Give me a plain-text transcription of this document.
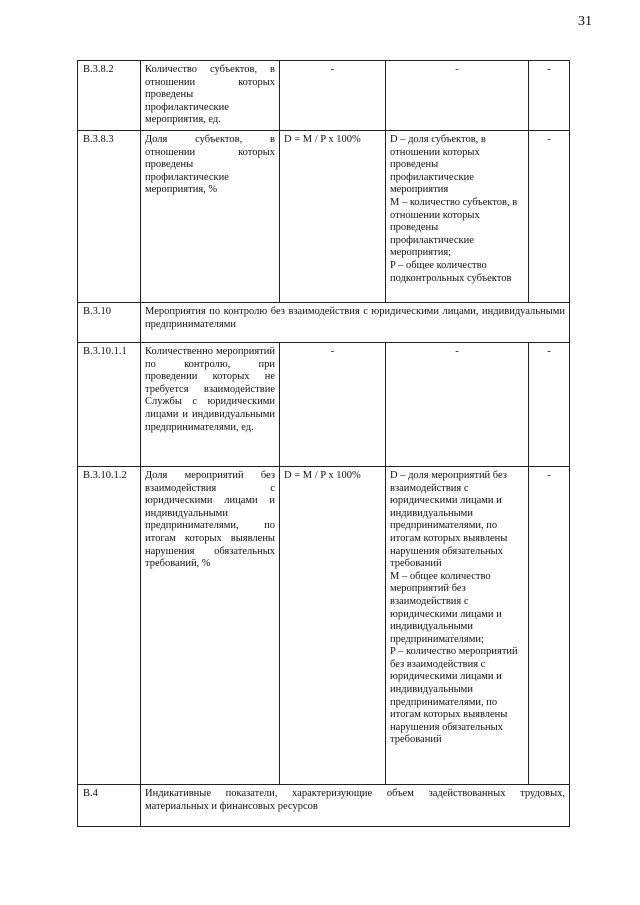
31
В.3.8.2	Количество субъектов, в отношении которых проведены профилактические мероприятия, ед.	-	-	-
В.3.8.3	Доля субъектов, в отношении которых проведены профилактические мероприятия, %	D = M / P x 100%	D – доля субъектов, в отношении которых проведены профилактические мероприятия
M – количество субъектов, в отношении которых проведены профилактические мероприятия;
P – общее количество подконтрольных субъектов	-
В.3.10	Мероприятия по контролю без взаимодействия с юридическими лицами, индивидуальными предпринимателями			
В.3.10.1.1	Количественно мероприятий по контролю, при проведении которых не требуется взаимодействие Службы с юридическими лицами и индивидуальными предпринимателями, ед.	-	-	-
В.3.10.1.2	Доля мероприятий без взаимодействия с юридическими лицами и индивидуальными предпринимателями, по итогам которых выявлены нарушения обязательных требований, %	D = M / P x 100%	D – доля мероприятий без взаимодействия с юридическими лицами и индивидуальными предпринимателями, по итогам которых выявлены нарушения обязательных требований
M – общее количество мероприятий без взаимодействия с юридическими лицами и индивидуальными предпринимателями;
P – количество мероприятий без взаимодействия с юридическими лицами и индивидуальными предпринимателями, по итогам которых выявлены нарушения обязательных требований	-
В.4	Индикативные показатели, характеризующие объем задействованных трудовых, материальных и финансовых ресурсов			
